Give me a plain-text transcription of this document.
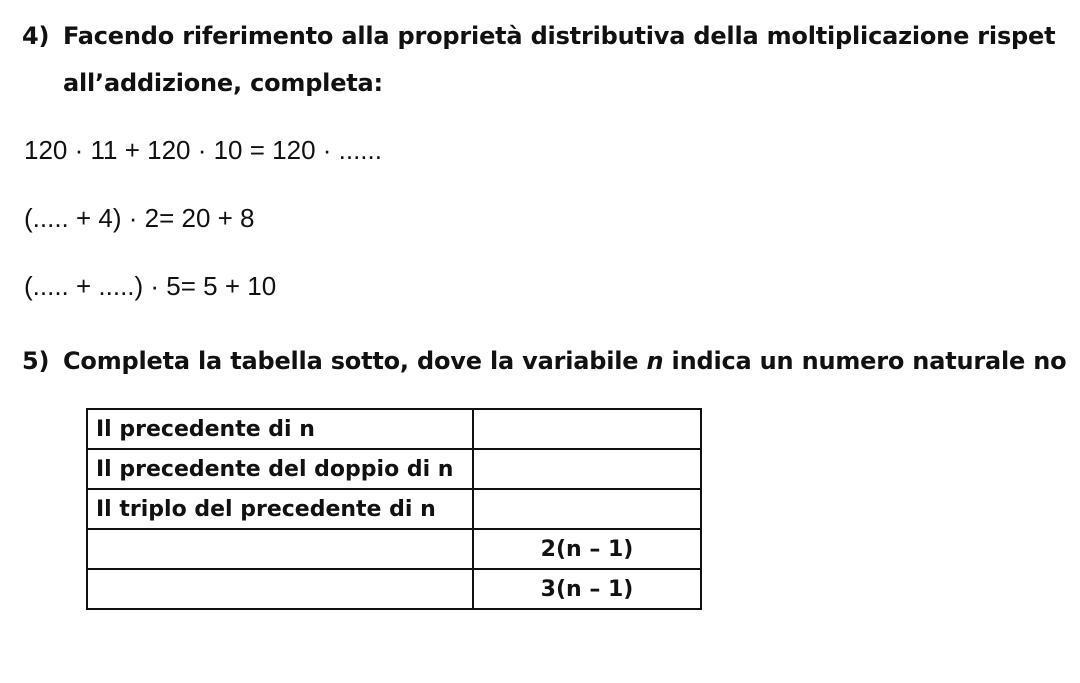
4) Facendo riferimento alla proprietà distributiva della moltiplicazione rispet
all’addizione, completa:
120 · 11 + 120 · 10 = 120 · ......
(..... + 4) · 2= 20 + 8
(..... + .....) · 5= 5 + 10
5) Completa la tabella sotto, dove la variabile n indica un numero naturale no
Il precedente di n	
Il precedente del doppio di n	
Il triplo del precedente di n	
	2(n – 1)
	3(n – 1)
